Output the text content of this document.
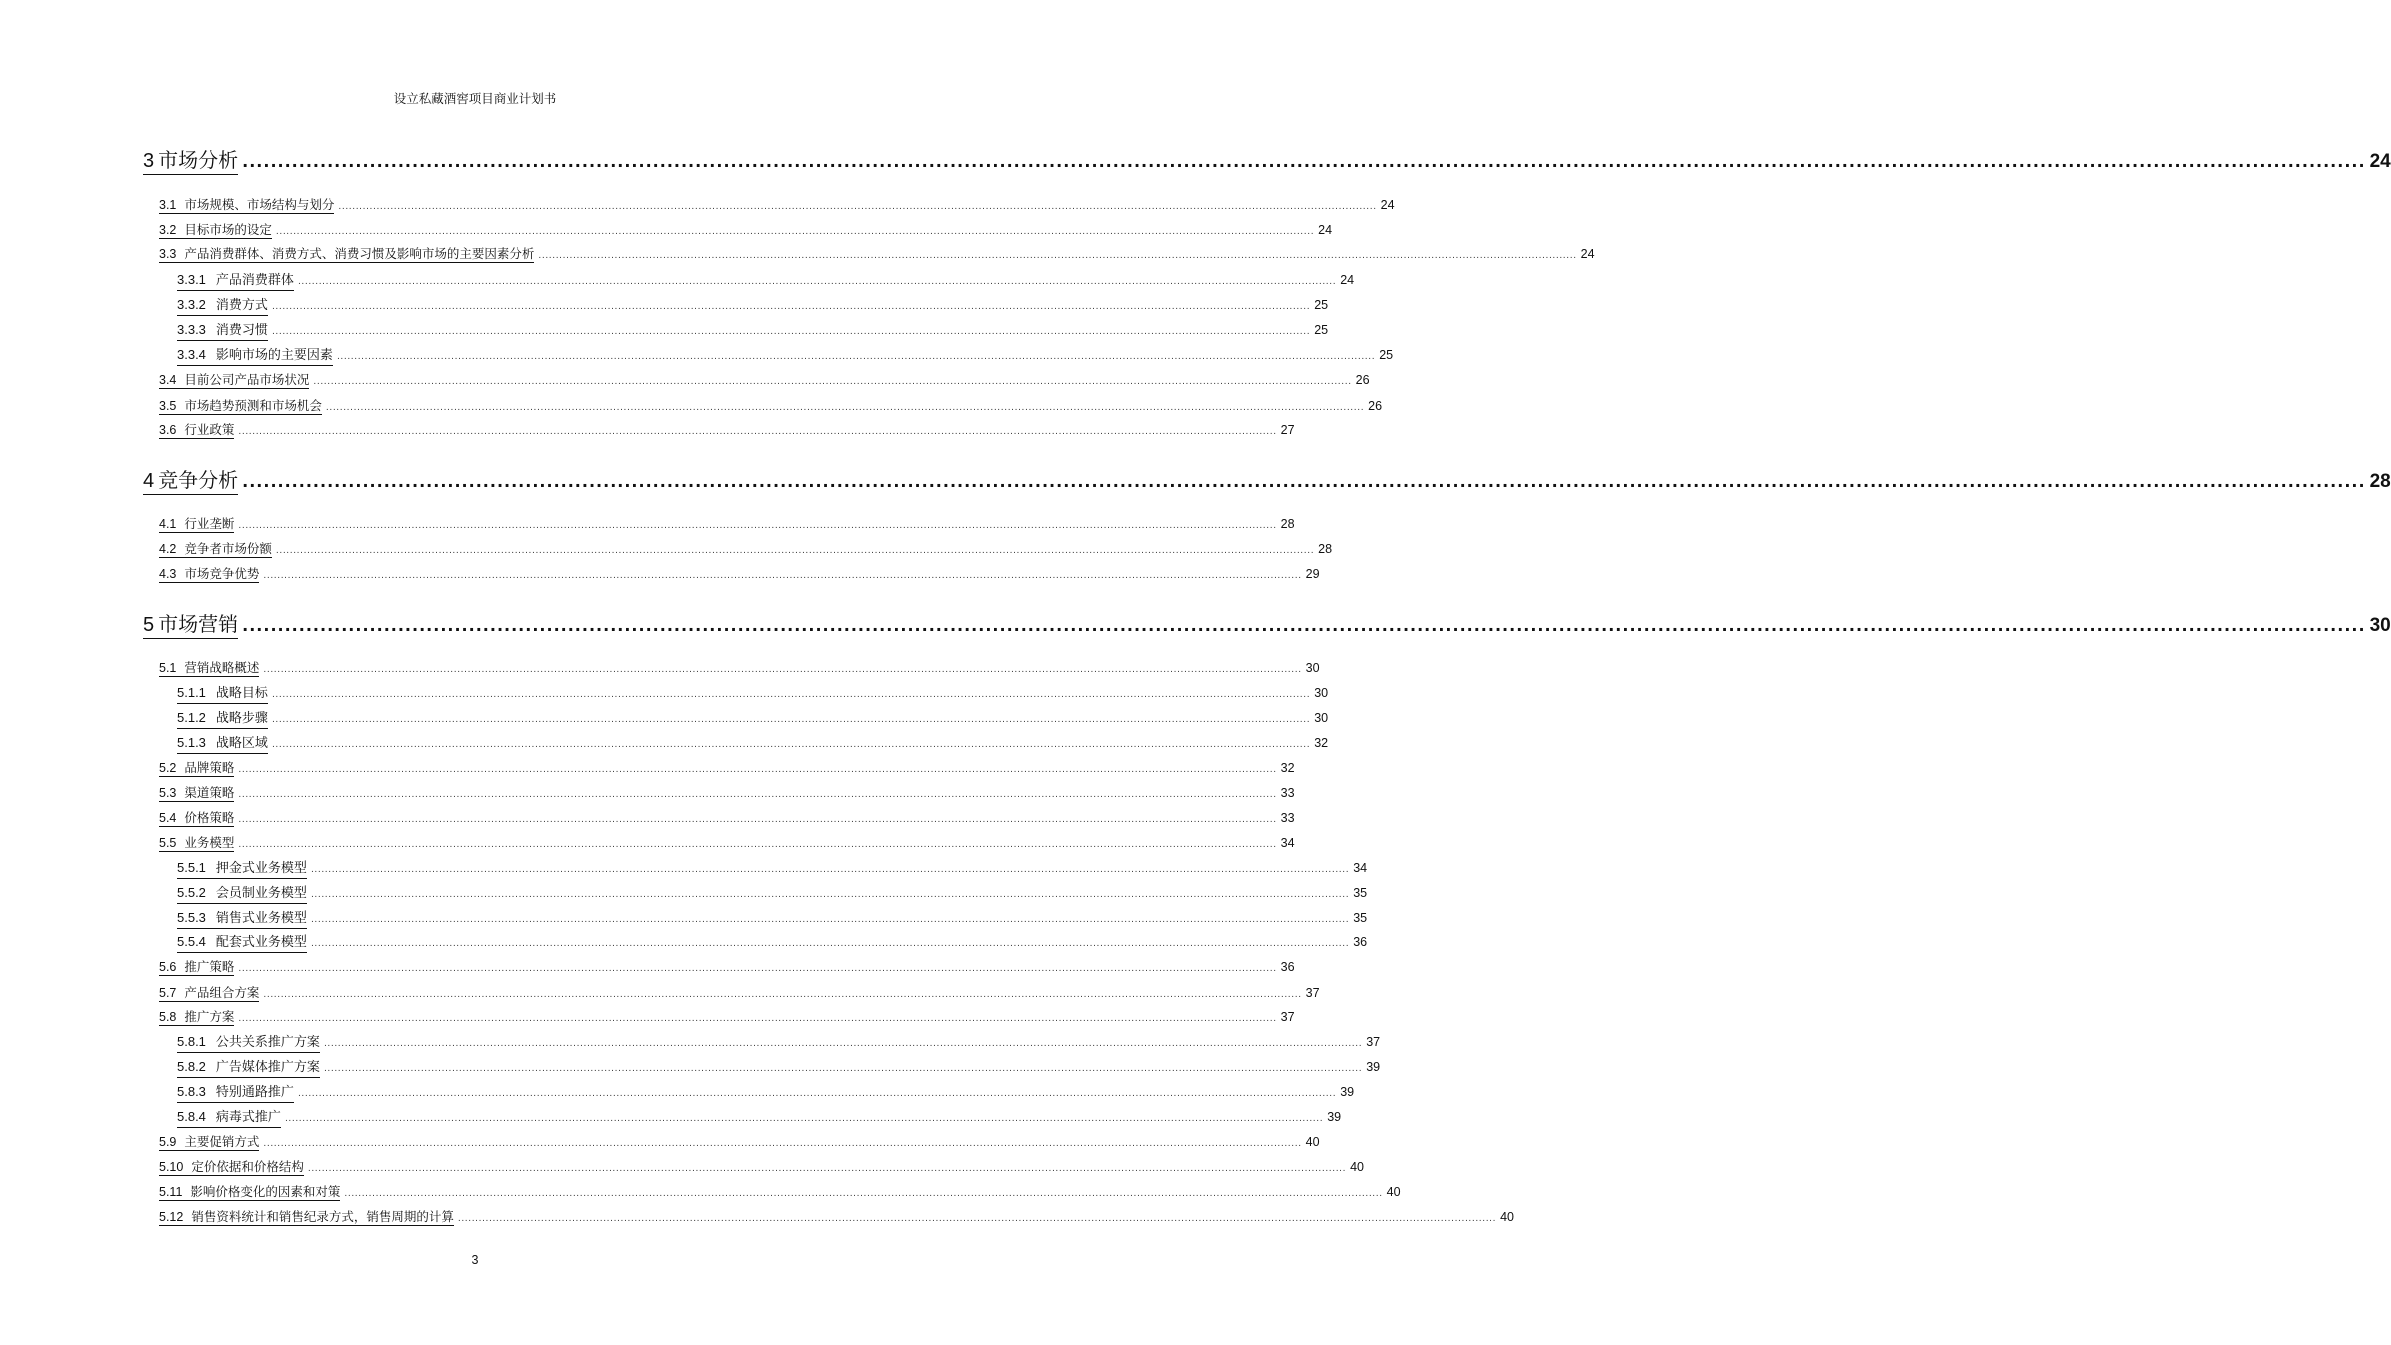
设立私藏酒窖项目商业计划书
3 市场分析 ............................................................................................................................................................................................................................................................................................................ 24
3.1 市场规模、市场结构与划分 ............................................................................................................................................................................................................................................................................................................ 24
3.2 目标市场的设定 ............................................................................................................................................................................................................................................................................................................ 24
3.3 产品消费群体、消费方式、消费习惯及影响市场的主要因素分析 ............................................................................................................................................................................................................................................................................................................ 24
3.3.1 产品消费群体 ............................................................................................................................................................................................................................................................................................................ 24
3.3.2 消费方式 ............................................................................................................................................................................................................................................................................................................ 25
3.3.3 消费习惯 ............................................................................................................................................................................................................................................................................................................ 25
3.3.4 影响市场的主要因素 ............................................................................................................................................................................................................................................................................................................ 25
3.4 目前公司产品市场状况 ............................................................................................................................................................................................................................................................................................................ 26
3.5 市场趋势预测和市场机会 ............................................................................................................................................................................................................................................................................................................ 26
3.6 行业政策 ............................................................................................................................................................................................................................................................................................................ 27
4 竞争分析 ............................................................................................................................................................................................................................................................................................................ 28
4.1 行业垄断 ............................................................................................................................................................................................................................................................................................................ 28
4.2 竞争者市场份额 ............................................................................................................................................................................................................................................................................................................ 28
4.3 市场竞争优势 ............................................................................................................................................................................................................................................................................................................ 29
5 市场营销 ............................................................................................................................................................................................................................................................................................................ 30
5.1 营销战略概述 ............................................................................................................................................................................................................................................................................................................ 30
5.1.1 战略目标 ............................................................................................................................................................................................................................................................................................................ 30
5.1.2 战略步骤 ............................................................................................................................................................................................................................................................................................................ 30
5.1.3 战略区域 ............................................................................................................................................................................................................................................................................................................ 32
5.2 品牌策略 ............................................................................................................................................................................................................................................................................................................ 32
5.3 渠道策略 ............................................................................................................................................................................................................................................................................................................ 33
5.4 价格策略 ............................................................................................................................................................................................................................................................................................................ 33
5.5 业务模型 ............................................................................................................................................................................................................................................................................................................ 34
5.5.1 押金式业务模型 ............................................................................................................................................................................................................................................................................................................ 34
5.5.2 会员制业务模型 ............................................................................................................................................................................................................................................................................................................ 35
5.5.3 销售式业务模型 ............................................................................................................................................................................................................................................................................................................ 35
5.5.4 配套式业务模型 ............................................................................................................................................................................................................................................................................................................ 36
5.6 推广策略 ............................................................................................................................................................................................................................................................................................................ 36
5.7 产品组合方案 ............................................................................................................................................................................................................................................................................................................ 37
5.8 推广方案 ............................................................................................................................................................................................................................................................................................................ 37
5.8.1 公共关系推广方案 ............................................................................................................................................................................................................................................................................................................ 37
5.8.2 广告媒体推广方案 ............................................................................................................................................................................................................................................................................................................ 39
5.8.3 特别通路推广 ............................................................................................................................................................................................................................................................................................................ 39
5.8.4 病毒式推广 ............................................................................................................................................................................................................................................................................................................ 39
5.9 主要促销方式 ............................................................................................................................................................................................................................................................................................................ 40
5.10 定价依据和价格结构 ............................................................................................................................................................................................................................................................................................................ 40
5.11 影响价格变化的因素和对策 ............................................................................................................................................................................................................................................................................................................ 40
5.12 销售资料统计和销售纪录方式，销售周期的计算 ............................................................................................................................................................................................................................................................................................................ 40
3
